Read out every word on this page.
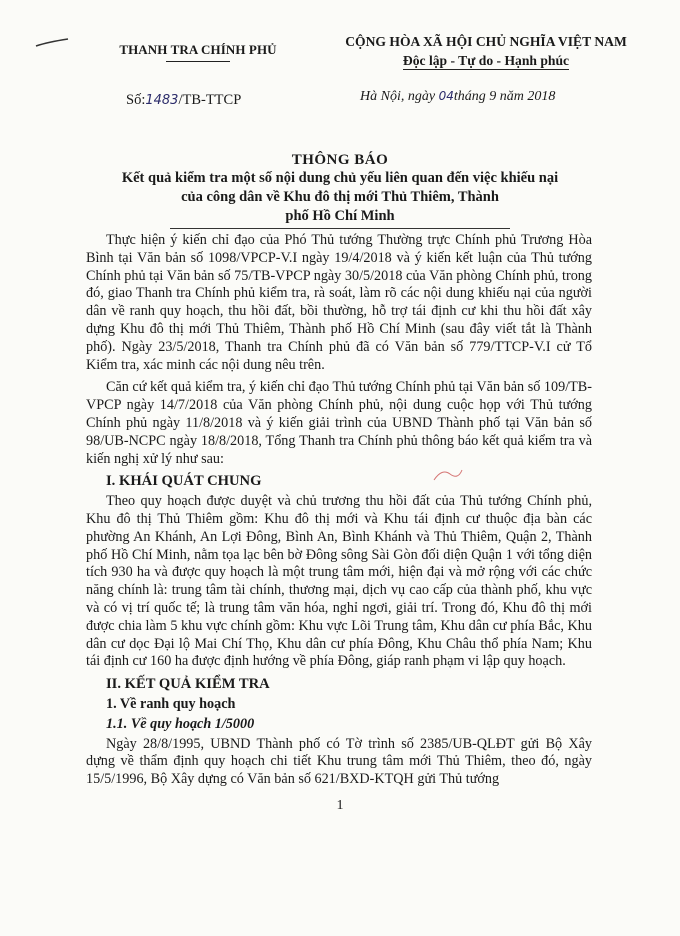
THANH TRA CHÍNH PHỦ
CỘNG HÒA XÃ HỘI CHỦ NGHĨA VIỆT NAM
Độc lập - Tự do - Hạnh phúc
Số:1483/TB-TTCP	Hà Nội, ngày 04tháng 9 năm 2018
THÔNG BÁO
Kết quả kiểm tra một số nội dung chủ yếu liên quan đến việc khiếu nại
của công dân về Khu đô thị mới Thủ Thiêm, Thành phố Hồ Chí Minh

Thực hiện ý kiến chỉ đạo của Phó Thủ tướng Thường trực Chính phủ Trương Hòa Bình tại Văn bản số 1098/VPCP-V.I ngày 19/4/2018 và ý kiến kết luận của Thủ tướng Chính phủ tại Văn bản số 75/TB-VPCP ngày 30/5/2018 của Văn phòng Chính phủ, trong đó, giao Thanh tra Chính phủ kiểm tra, rà soát, làm rõ các nội dung khiếu nại của người dân về ranh quy hoạch, thu hồi đất, bồi thường, hỗ trợ tái định cư khi thu hồi đất xây dựng Khu đô thị mới Thủ Thiêm, Thành phố Hồ Chí Minh (sau đây viết tắt là Thành phố). Ngày 23/5/2018, Thanh tra Chính phủ đã có Văn bản số 779/TTCP-V.I cử Tổ Kiểm tra, xác minh các nội dung nêu trên.

Căn cứ kết quả kiểm tra, ý kiến chỉ đạo Thủ tướng Chính phủ tại Văn bản số 109/TB-VPCP ngày 14/7/2018 của Văn phòng Chính phủ, nội dung cuộc họp với Thủ tướng Chính phủ ngày 11/8/2018 và ý kiến giải trình của UBND Thành phố tại Văn bản số 98/UB-NCPC ngày 18/8/2018, Tổng Thanh tra Chính phủ thông báo kết quả kiểm tra và kiến nghị xử lý như sau:

I. KHÁI QUÁT CHUNG

Theo quy hoạch được duyệt và chủ trương thu hồi đất của Thủ tướng Chính phủ, Khu đô thị Thủ Thiêm gồm: Khu đô thị mới và Khu tái định cư thuộc địa bàn các phường An Khánh, An Lợi Đông, Bình An, Bình Khánh và Thủ Thiêm, Quận 2, Thành phố Hồ Chí Minh, nằm tọa lạc bên bờ Đông sông Sài Gòn đối diện Quận 1 với tổng diện tích 930 ha và được quy hoạch là một trung tâm mới, hiện đại và mở rộng với các chức năng chính là: trung tâm tài chính, thương mại, dịch vụ cao cấp của thành phố, khu vực và có vị trí quốc tế; là trung tâm văn hóa, nghỉ ngơi, giải trí. Trong đó, Khu đô thị mới được chia làm 5 khu vực chính gồm: Khu vực Lõi Trung tâm, Khu dân cư phía Bắc, Khu dân cư dọc Đại lộ Mai Chí Thọ, Khu dân cư phía Đông, Khu Châu thổ phía Nam; Khu tái định cư 160 ha được định hướng về phía Đông, giáp ranh phạm vi lập quy hoạch.

II. KẾT QUẢ KIỂM TRA
1. Về ranh quy hoạch
1.1. Về quy hoạch 1/5000

Ngày 28/8/1995, UBND Thành phố có Tờ trình số 2385/UB-QLĐT gửi Bộ Xây dựng về thẩm định quy hoạch chi tiết Khu trung tâm mới Thủ Thiêm, theo đó, ngày 15/5/1996, Bộ Xây dựng có Văn bản số 621/BXD-KTQH gửi Thủ tướng

1
